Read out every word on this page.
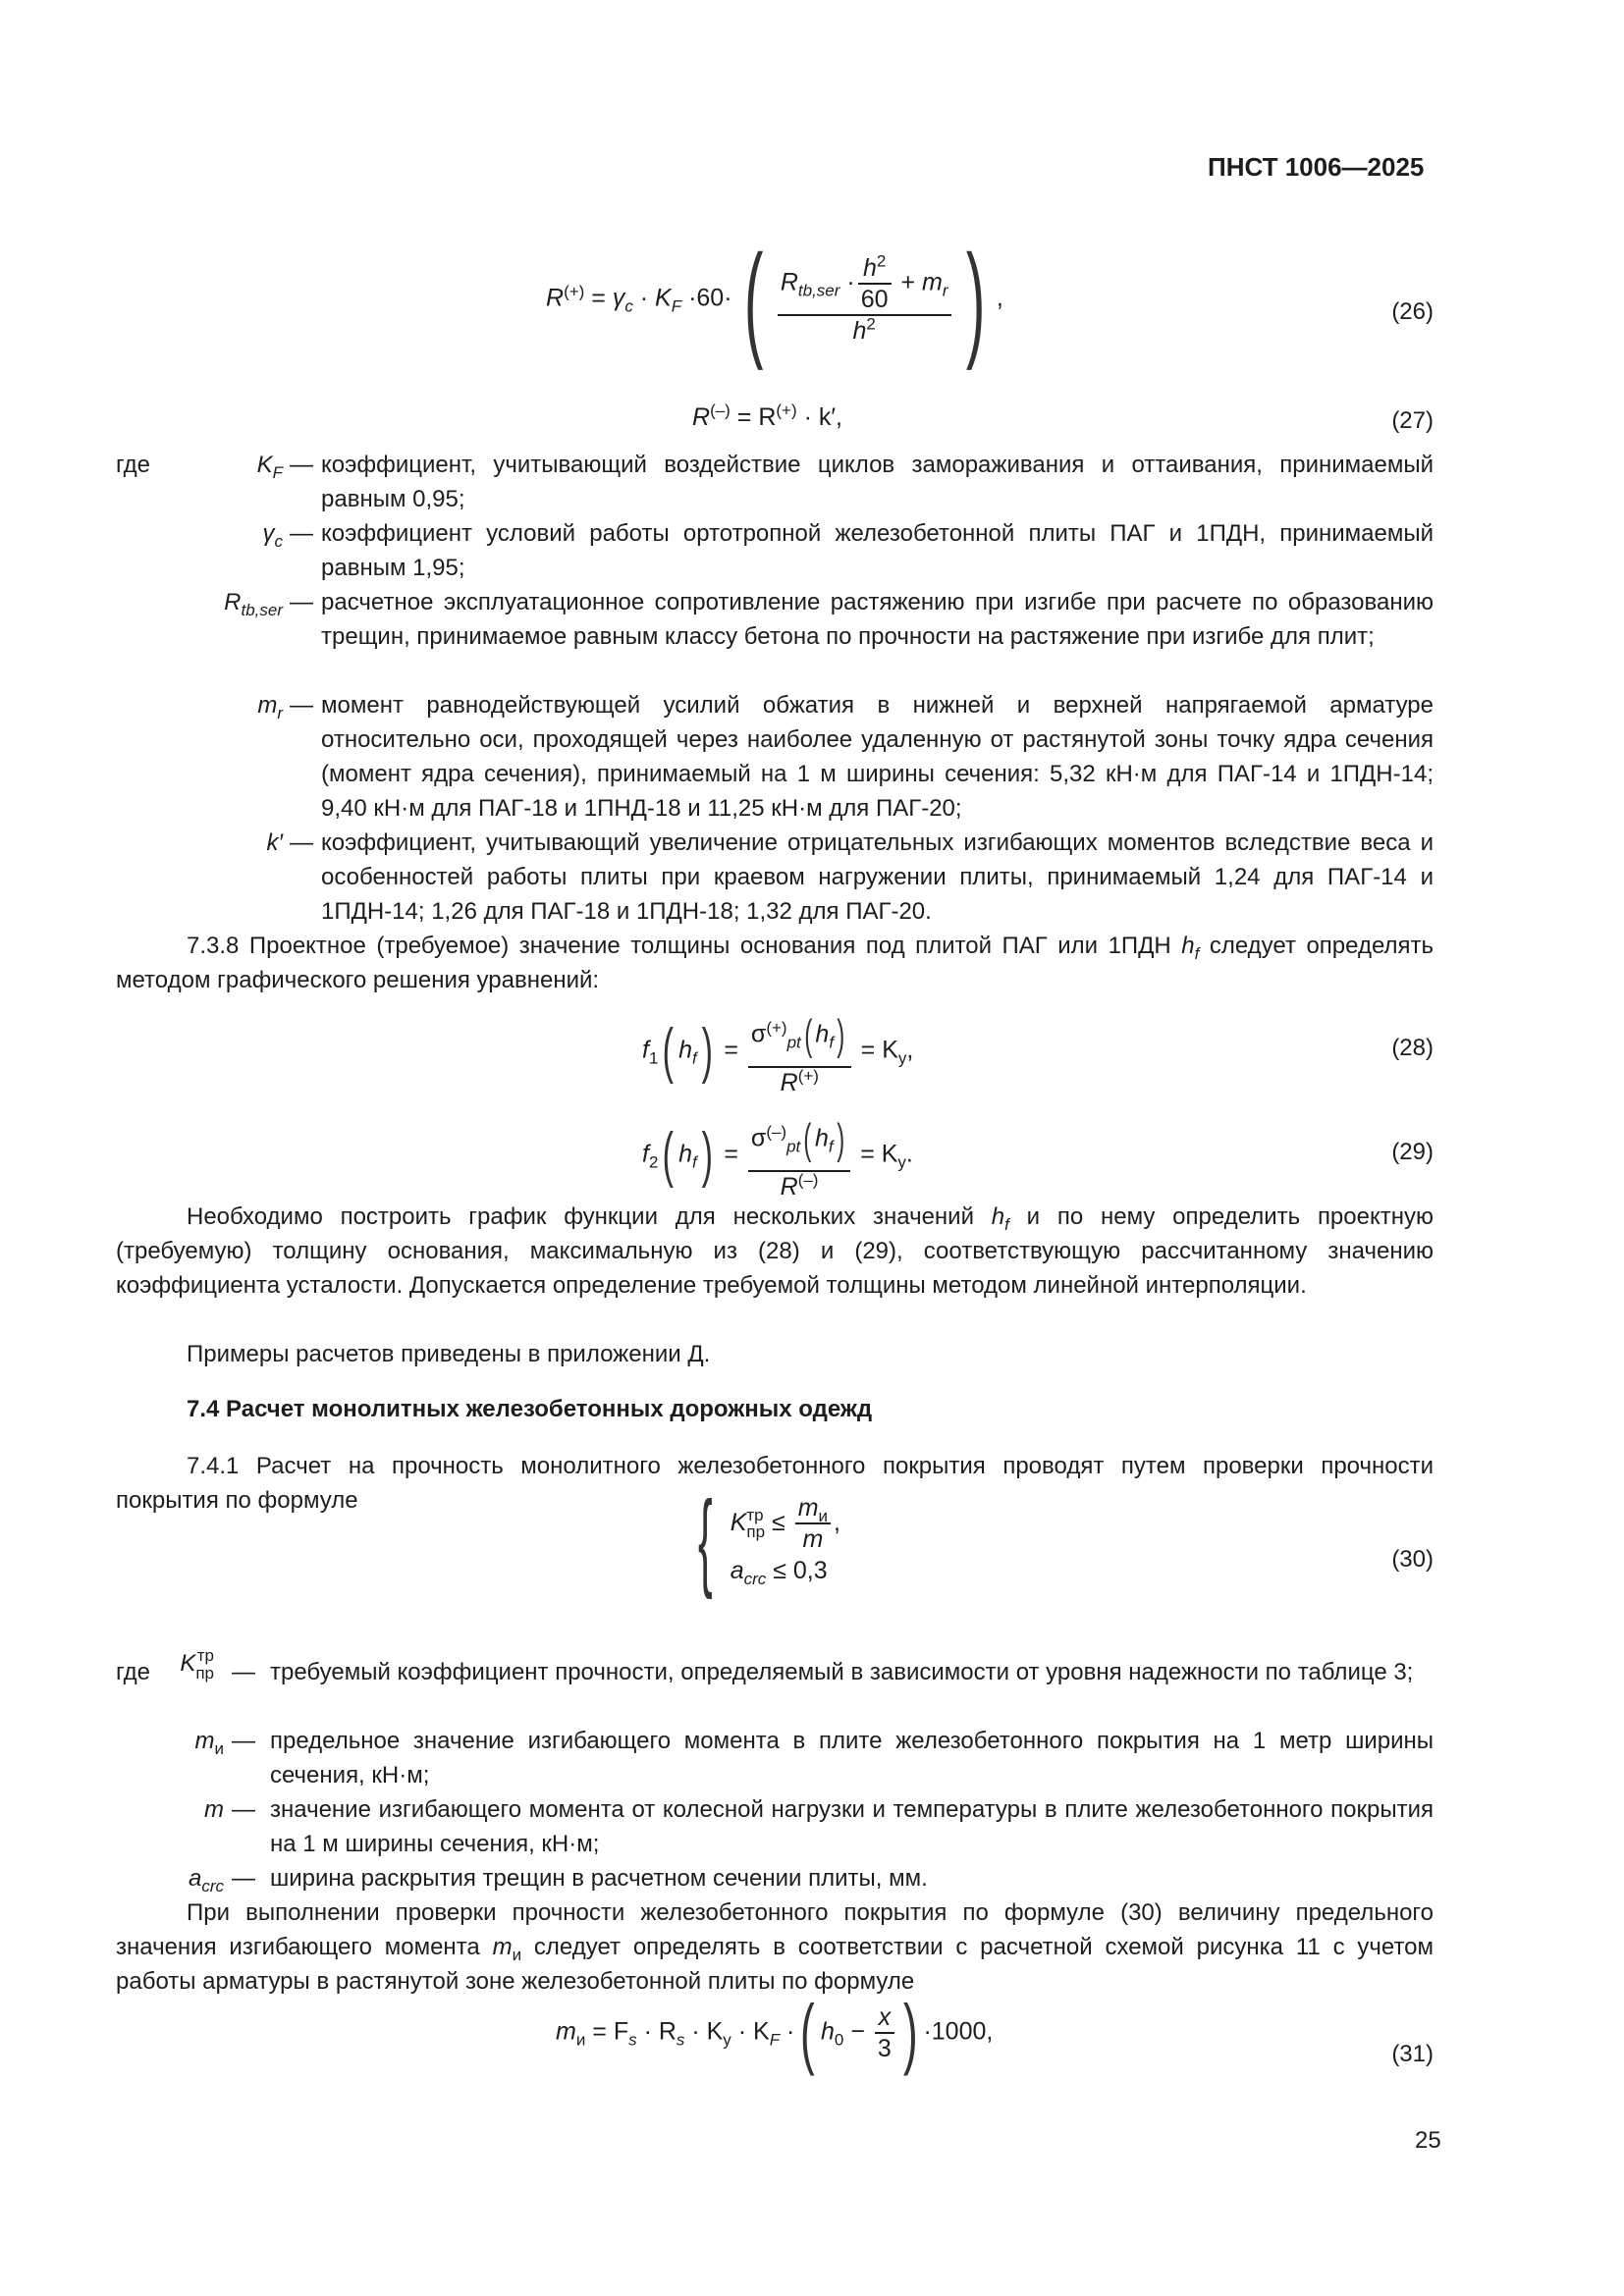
ПНСТ 1006—2025
$R^{(+)} = \gamma_c \cdot K_F \cdot 60\cdot( \frac{R_{tb,ser} \cdot \frac{h^2}{60} + m_r}{h^2}$ ) ,	(26)
R(–) = R(+) · k′,	(27)
где	$K_F$ — коэффициент, учитывающий воздействие циклов замораживания и оттаивания, принимаемый равным 0,95;
$\gamma_c$ — коэффициент условий работы ортотропной железобетонной плиты ПАГ и 1ПДН, принимаемый равным 1,95;
$R_{tb,ser}$ — расчетное эксплуатационное сопротивление растяжению при изгибе при расчете по образованию трещин, принимаемое равным классу бетона по прочности на растяжение при изгибе для плит;
$m_r$ — момент равнодействующей усилий обжатия в нижней и верхней напрягаемой арматуре относительно оси, проходящей через наиболее удаленную от растянутой зоны точку ядра сечения (момент ядра сечения), принимаемый на 1 м ширины сечения: 5,32 кН·м для ПАГ-14 и 1ПДН-14; 9,40 кН·м для ПАГ-18 и 1ПНД-18 и 11,25 кН·м для ПАГ-20;
k′ — коэффициент, учитывающий увеличение отрицательных изгибающих моментов вследствие веса и особенностей работы плиты при краевом нагружении плиты, принимаемый 1,24 для ПАГ-14 и 1ПДН-14; 1,26 для ПАГ-18 и 1ПДН-18; 1,32 для ПАГ-20.
7.3.8 Проектное (требуемое) значение толщины основания под плитой ПАГ или 1ПДН $h_f$ следует определять методом графического решения уравнений:
$f_1$( $h_f) = \frac{\sigma^{(+)}_{pt}( h_f)}{R^{(+)}} = K_y$,	(28)
$f_2$( $h_f) = \frac{\sigma^{(-)}_{pt}( h_f)}{R^{(-)}} = K_y$.	(29)
Необходимо построить график функции для нескольких значений $h_f$ и по нему определить проектную (требуемую) толщину основания, максимальную из (28) и (29), соответствующую рассчитанному значению коэффициента усталости. Допускается определение требуемой толщины методом линейной интерполяции.
Примеры расчетов приведены в приложении Д.
7.4 Расчет монолитных железобетонных дорожных одежд
7.4.1 Расчет на прочность монолитного железобетонного покрытия проводят путем проверки прочности покрытия по формуле	{ K тр
пр ≤ $\frac{m_и}{m}$ ,
$a_{crc} \le 0,3$	(30)
где	K тр
пр — требуемый коэффициент прочности, определяемый в зависимости от уровня надежности по таблице 3;
$m_и$ — предельное значение изгибающего момента в плите железобетонного покрытия на 1 метр ширины сечения, кН·м;
m — значение изгибающего момента от колесной нагрузки и температуры в плите железобетонного покрытия на 1 м ширины сечения, кН·м;
$a_{crc}$ — ширина раскрытия трещин в расчетном сечении плиты, мм.
При выполнении проверки прочности железобетонного покрытия по формуле (30) величину предельного значения изгибающего момента $m_и$ следует определять в соответствии с расчетной схемой рисунка 11 с учетом работы арматуры в растянутой зоне железобетонной плиты по формуле
$m_и = F_s \cdot R_s \cdot K_y \cdot K_F$ ·( $h_0 - \frac{x}{3}$ ) ·1000,
(31)
25
